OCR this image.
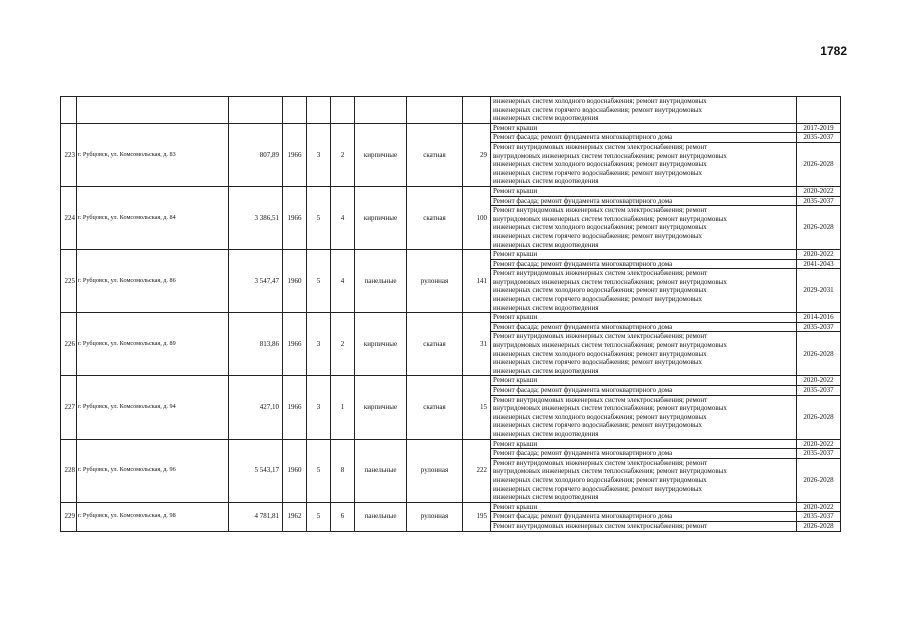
1782

									инженерных систем холодного водоснабжения; ремонт внутридомовых
инженерных систем горячего водоснабжения; ремонт внутридомовых
инженерных систем водоотведения	

223	г. Рубцовск, ул. Комсомольская, д. 83	807,89	1966	3	2	кирпичные	скатная	29	Ремонт крыши	2017-2019

									Ремонт фасада; ремонт фундамента многоквартирного дома	2035-2037

									Ремонт внутридомовых инженерных систем электроснабжения; ремонт
внутридомовых инженерных систем теплоснабжения; ремонт внутридомовых
инженерных систем холодного водоснабжения; ремонт внутридомовых
инженерных систем горячего водоснабжения; ремонт внутридомовых
инженерных систем водоотведения	2026-2028
224	г. Рубцовск, ул. Комсомольская, д. 84	3 386,51	1966	5	4	кирпичные	скатная	100	Ремонт крыши	2020-2022

									Ремонт фасада; ремонт фундамента многоквартирного дома	2035-2037

									Ремонт внутридомовых инженерных систем электроснабжения; ремонт
внутридомовых инженерных систем теплоснабжения; ремонт внутридомовых
инженерных систем холодного водоснабжения; ремонт внутридомовых
инженерных систем горячего водоснабжения; ремонт внутридомовых
инженерных систем водоотведения	2026-2028
225	г. Рубцовск, ул. Комсомольская, д. 86	3 547,47	1960	5	4	панельные	рулонная	141	Ремонт крыши	2020-2022

									Ремонт фасада; ремонт фундамента многоквартирного дома	2041-2043

									Ремонт внутридомовых инженерных систем электроснабжения; ремонт
внутридомовых инженерных систем теплоснабжения; ремонт внутридомовых
инженерных систем холодного водоснабжения; ремонт внутридомовых
инженерных систем горячего водоснабжения; ремонт внутридомовых
инженерных систем водоотведения	2029-2031
226	г. Рубцовск, ул. Комсомольская, д. 89	813,86	1966	3	2	кирпичные	скатная	31	Ремонт крыши	2014-2016

									Ремонт фасада; ремонт фундамента многоквартирного дома	2035-2037

									Ремонт внутридомовых инженерных систем электроснабжения; ремонт
внутридомовых инженерных систем теплоснабжения; ремонт внутридомовых
инженерных систем холодного водоснабжения; ремонт внутридомовых
инженерных систем горячего водоснабжения; ремонт внутридомовых
инженерных систем водоотведения	2026-2028
227	г. Рубцовск, ул. Комсомольская, д. 94	427,10	1966	3	1	кирпичные	скатная	15	Ремонт крыши	2020-2022

									Ремонт фасада; ремонт фундамента многоквартирного дома	2035-2037

									Ремонт внутридомовых инженерных систем электроснабжения; ремонт
внутридомовых инженерных систем теплоснабжения; ремонт внутридомовых
инженерных систем холодного водоснабжения; ремонт внутридомовых
инженерных систем горячего водоснабжения; ремонт внутридомовых
инженерных систем водоотведения	2026-2028
228	г. Рубцовск, ул. Комсомольская, д. 96	5 543,17	1960	5	8	панельные	рулонная	222	Ремонт крыши	2020-2022

									Ремонт фасада; ремонт фундамента многоквартирного дома	2035-2037

									Ремонт внутридомовых инженерных систем электроснабжения; ремонт
внутридомовых инженерных систем теплоснабжения; ремонт внутридомовых
инженерных систем холодного водоснабжения; ремонт внутридомовых
инженерных систем горячего водоснабжения; ремонт внутридомовых
инженерных систем водоотведения	2026-2028
229	г. Рубцовск, ул. Комсомольская, д. 98	4 781,81	1962	5	6	панельные	рулонная	195	Ремонт крыши	2020-2022

									Ремонт фасада; ремонт фундамента многоквартирного дома	2035-2037

									Ремонт внутридомовых инженерных систем электроснабжения; ремонт	2026-2028
